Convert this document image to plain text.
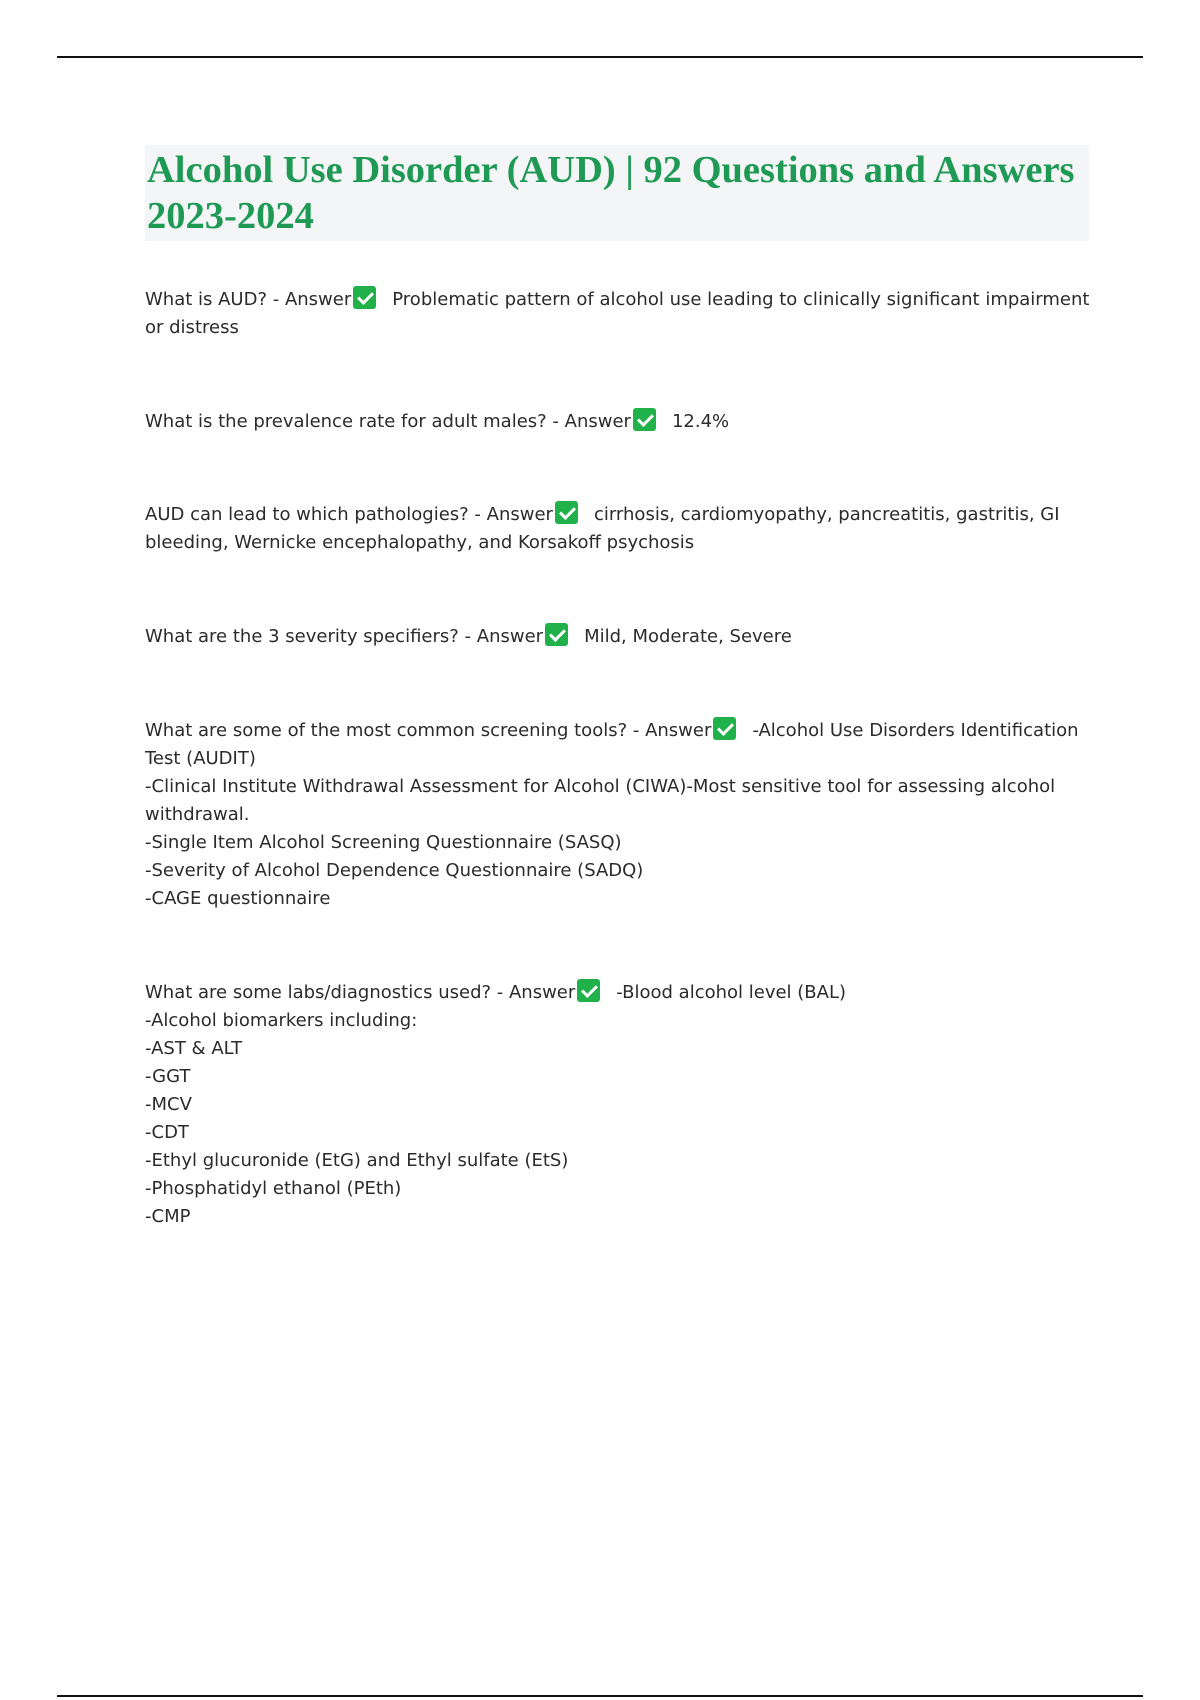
Alcohol Use Disorder (AUD) | 92 Questions and Answers 2023-2024

What is AUD? - Answer Problematic pattern of alcohol use leading to clinically significant impairment or distress

What is the prevalence rate for adult males? - Answer 12.4%

AUD can lead to which pathologies? - Answer cirrhosis, cardiomyopathy, pancreatitis, gastritis, GI bleeding, Wernicke encephalopathy, and Korsakoff psychosis

What are the 3 severity specifiers? - Answer Mild, Moderate, Severe

What are some of the most common screening tools? - Answer -Alcohol Use Disorders Identification Test (AUDIT)

-Clinical Institute Withdrawal Assessment for Alcohol (CIWA)-Most sensitive tool for assessing alcohol withdrawal.

-Single Item Alcohol Screening Questionnaire (SASQ)

-Severity of Alcohol Dependence Questionnaire (SADQ)

-CAGE questionnaire

What are some labs/diagnostics used? - Answer -Blood alcohol level (BAL)

-Alcohol biomarkers including:

-AST & ALT

-GGT

-MCV

-CDT

-Ethyl glucuronide (EtG) and Ethyl sulfate (EtS)

-Phosphatidyl ethanol (PEth)

-CMP
